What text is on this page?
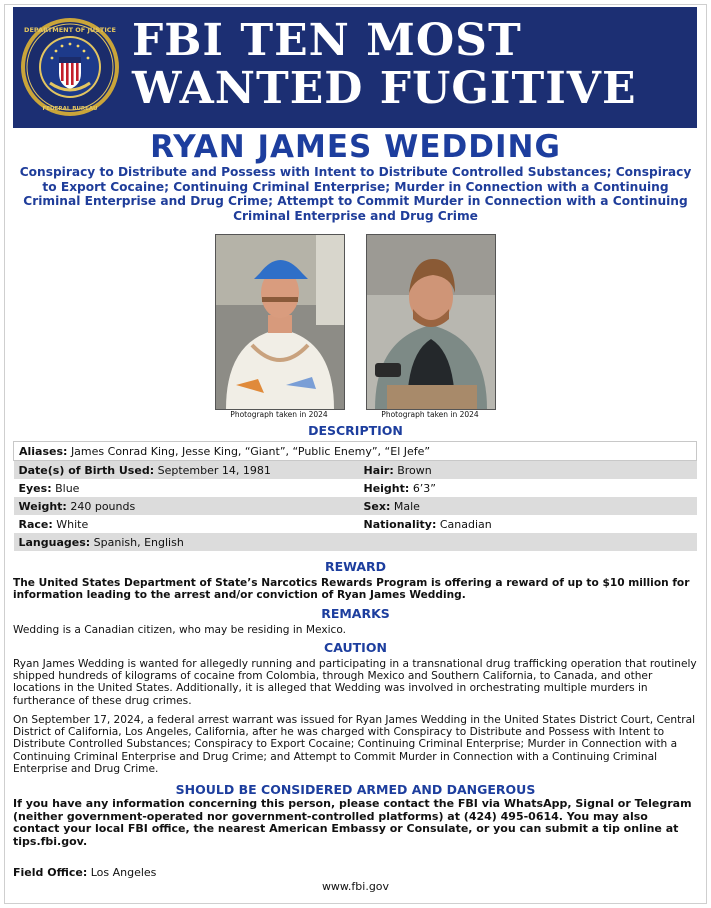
DEPARTMENT OF JUSTICE
FEDERAL BUREAU
FBI TEN MOST
WANTED FUGITIVE
RYAN JAMES WEDDING
Conspiracy to Distribute and Possess with Intent to Distribute Controlled Substances; Conspiracy to Export Cocaine; Continuing Criminal Enterprise; Murder in Connection with a Continuing Criminal Enterprise and Drug Crime; Attempt to Commit Murder in Connection with a Continuing Criminal Enterprise and Drug Crime
Photograph taken in 2024	Photograph taken in 2024
DESCRIPTION
Aliases: James Conrad King, Jesse King, “Giant”, “Public Enemy”, “El Jefe”	
Date(s) of Birth Used: September 14, 1981	Hair: Brown
Eyes: Blue	Height: 6’3”
Weight: 240 pounds	Sex: Male
Race: White	Nationality: Canadian
Languages: Spanish, English	
REWARD
The United States Department of State’s Narcotics Rewards Program is offering a reward of up to $10 million for information leading to the arrest and/or conviction of Ryan James Wedding.
REMARKS
Wedding is a Canadian citizen, who may be residing in Mexico.
CAUTION
Ryan James Wedding is wanted for allegedly running and participating in a transnational drug trafficking operation that routinely shipped hundreds of kilograms of cocaine from Colombia, through Mexico and Southern California, to Canada, and other locations in the United States. Additionally, it is alleged that Wedding was involved in orchestrating multiple murders in furtherance of these drug crimes.
On September 17, 2024, a federal arrest warrant was issued for Ryan James Wedding in the United States District Court, Central District of California, Los Angeles, California, after he was charged with Conspiracy to Distribute and Possess with Intent to Distribute Controlled Substances; Conspiracy to Export Cocaine; Continuing Criminal Enterprise; Murder in Connection with a Continuing Criminal Enterprise and Drug Crime; and Attempt to Commit Murder in Connection with a Continuing Criminal Enterprise and Drug Crime.
SHOULD BE CONSIDERED ARMED AND DANGEROUS
If you have any information concerning this person, please contact the FBI via WhatsApp, Signal or Telegram (neither government-operated nor government-controlled platforms) at (424) 495-0614. You may also contact your local FBI office, the nearest American Embassy or Consulate, or you can submit a tip online at tips.fbi.gov.
Field Office: Los Angeles
www.fbi.gov
